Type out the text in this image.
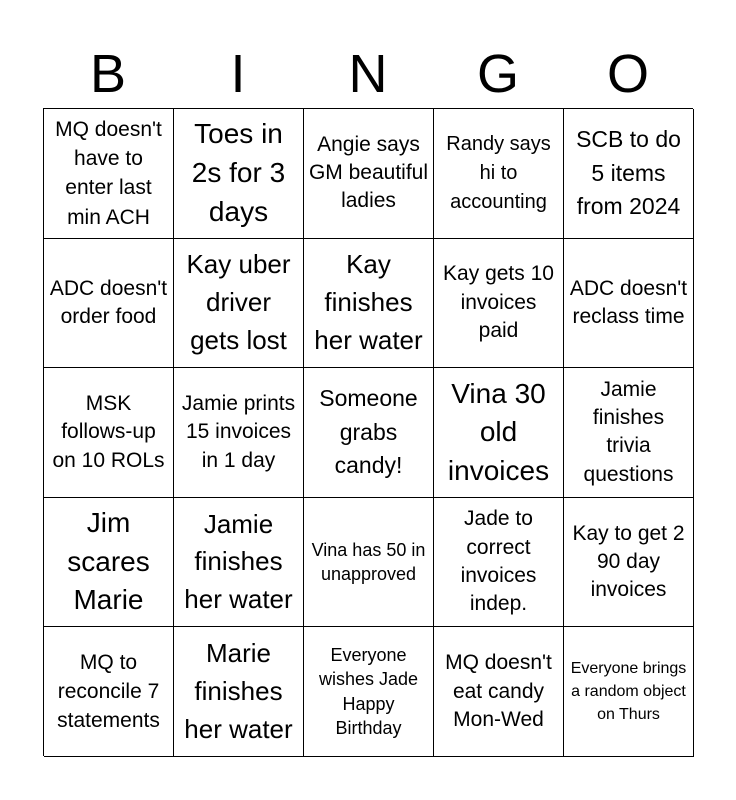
B	I	N	G	O
MQ doesn't have to enter last min ACH
Toes in 2s for 3 days
Angie says GM beautiful ladies
Randy says hi to accounting
SCB to do 5 items from 2024
ADC doesn't order food
Kay uber driver gets lost
Kay finishes her water
Kay gets 10 invoices paid
ADC doesn't reclass time
MSK follows-up on 10 ROLs
Jamie prints 15 invoices in 1 day
Someone grabs candy!
Vina 30 old invoices
Jamie finishes trivia questions
Jim scares Marie
Jamie finishes her water
Vina has 50 in unapproved
Jade to correct invoices indep.
Kay to get 2 90 day invoices
MQ to reconcile 7 statements
Marie finishes her water
Everyone wishes Jade Happy Birthday
MQ doesn't eat candy Mon-Wed
Everyone brings a random object on Thurs
